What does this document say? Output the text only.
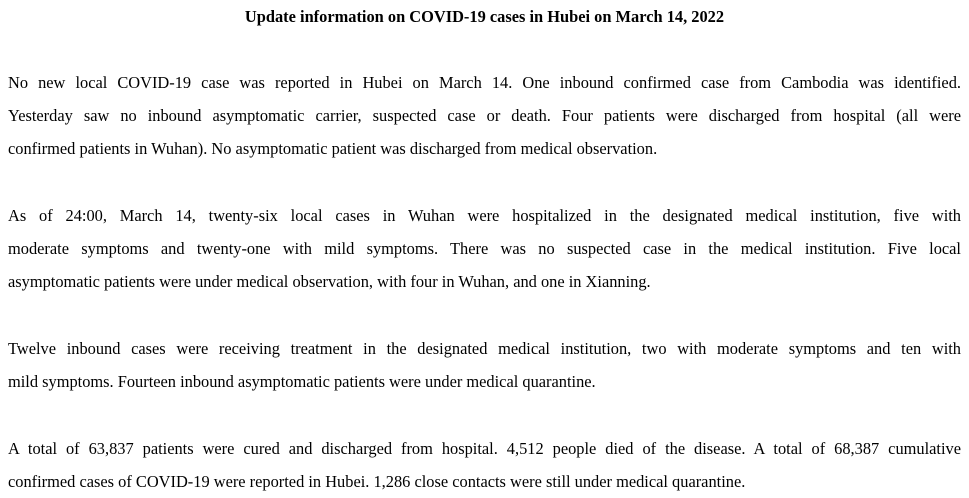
Update information on COVID-19 cases in Hubei on March 14, 2022

No new local COVID-19 case was reported in Hubei on March 14. One inbound confirmed case from Cambodia was identified.
Yesterday saw no inbound asymptomatic carrier, suspected case or death. Four patients were discharged from hospital (all were
confirmed patients in Wuhan). No asymptomatic patient was discharged from medical observation.

As of 24:00, March 14, twenty-six local cases in Wuhan were hospitalized in the designated medical institution, five with
moderate symptoms and twenty-one with mild symptoms. There was no suspected case in the medical institution. Five local
asymptomatic patients were under medical observation, with four in Wuhan, and one in Xianning.

Twelve inbound cases were receiving treatment in the designated medical institution, two with moderate symptoms and ten with
mild symptoms. Fourteen inbound asymptomatic patients were under medical quarantine.

A total of 63,837 patients were cured and discharged from hospital. 4,512 people died of the disease. A total of 68,387 cumulative
confirmed cases of COVID-19 were reported in Hubei. 1,286 close contacts were still under medical quarantine.
